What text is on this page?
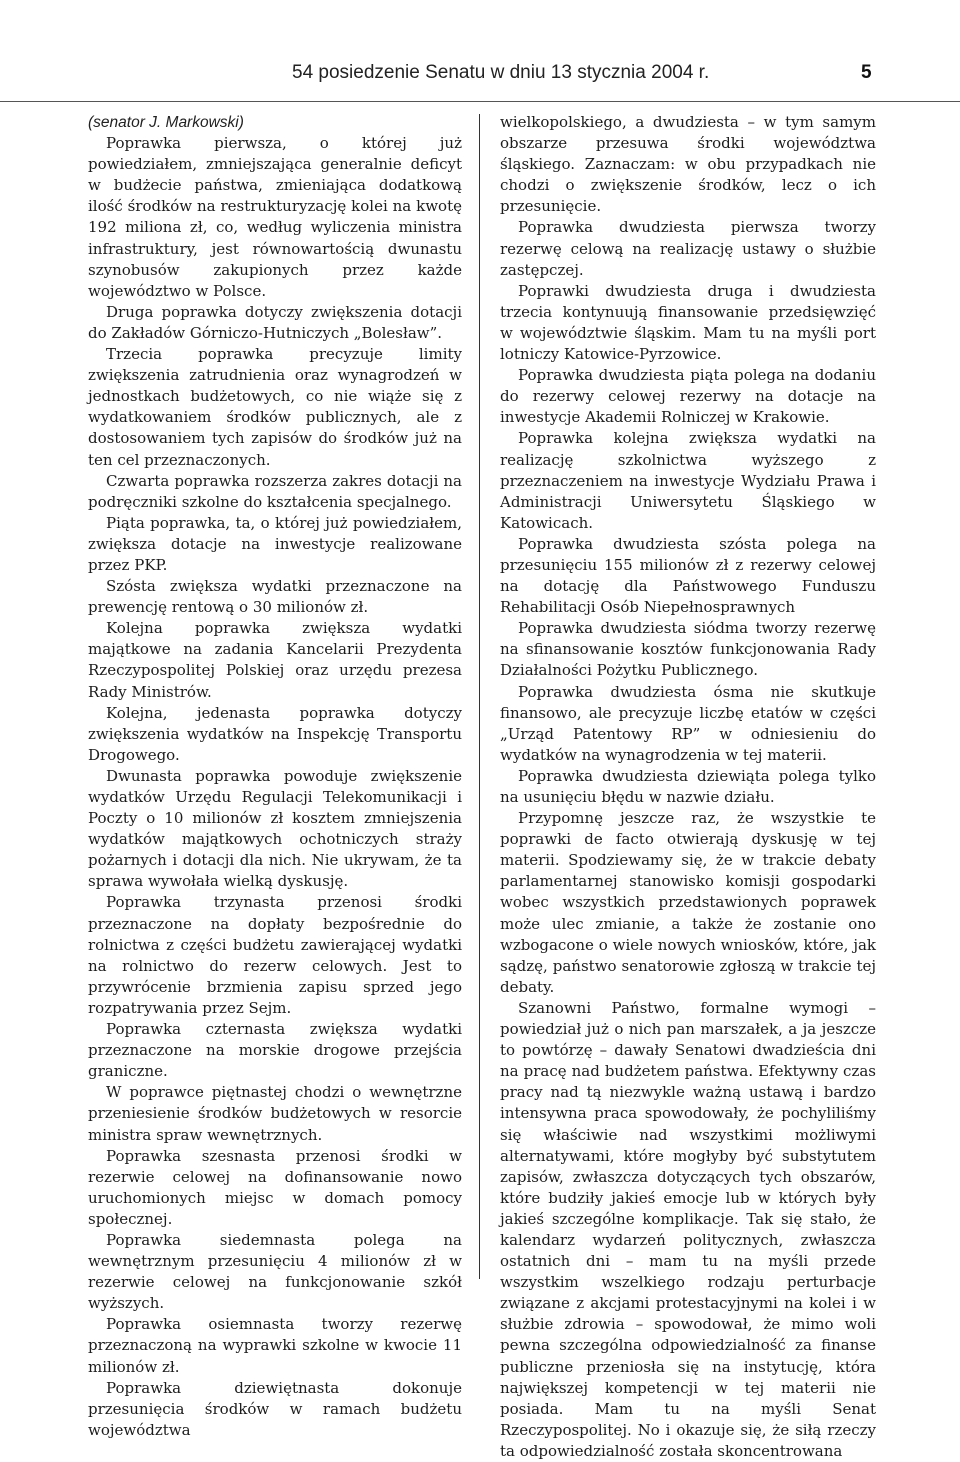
54 posiedzenie Senatu w dniu 13 stycznia 2004 r.	5

(senator J. Markowski)

Poprawka pierwsza, o której już powiedziałem, zmniejszająca generalnie deficyt w budżecie państwa, zmieniająca dodatkową ilość środków na restrukturyzację kolei na kwotę 192 miliona zł, co, według wyliczenia ministra infrastruktury, jest równowartością dwunastu szynobusów zakupionych przez każde województwo w Polsce.

Druga poprawka dotyczy zwiększenia dotacji do Zakładów Górniczo-Hutniczych „Bolesław”.

Trzecia poprawka precyzuje limity zwiększenia zatrudnienia oraz wynagrodzeń w jednostkach budżetowych, co nie wiąże się z wydatkowaniem środków publicznych, ale z dostosowaniem tych zapisów do środków już na ten cel przeznaczonych.

Czwarta poprawka rozszerza zakres dotacji na podręczniki szkolne do kształcenia specjalnego.

Piąta poprawka, ta, o której już powiedziałem, zwiększa dotacje na inwestycje realizowane przez PKP.

Szósta zwiększa wydatki przeznaczone na prewencję rentową o 30 milionów zł.

Kolejna poprawka zwiększa wydatki majątkowe na zadania Kancelarii Prezydenta Rzeczypospolitej Polskiej oraz urzędu prezesa Rady Ministrów.

Kolejna, jedenasta poprawka dotyczy zwiększenia wydatków na Inspekcję Transportu Drogowego.

Dwunasta poprawka powoduje zwiększenie wydatków Urzędu Regulacji Telekomunikacji i Poczty o 10 milionów zł kosztem zmniejszenia wydatków majątkowych ochotniczych straży pożarnych i dotacji dla nich. Nie ukrywam, że ta sprawa wywołała wielką dyskusję.

Poprawka trzynasta przenosi środki przeznaczone na dopłaty bezpośrednie do rolnictwa z części budżetu zawierającej wydatki na rolnictwo do rezerw celowych. Jest to przywrócenie brzmienia zapisu sprzed jego rozpatrywania przez Sejm.

Poprawka czternasta zwiększa wydatki przeznaczone na morskie drogowe przejścia graniczne.

W poprawce piętnastej chodzi o wewnętrzne przeniesienie środków budżetowych w resorcie ministra spraw wewnętrznych.

Poprawka szesnasta przenosi środki w rezerwie celowej na dofinansowanie nowo uruchomionych miejsc w domach pomocy społecznej.

Poprawka siedemnasta polega na wewnętrznym przesunięciu 4 milionów zł w rezerwie celowej na funkcjonowanie szkół wyższych.

Poprawka osiemnasta tworzy rezerwę przeznaczoną na wyprawki szkolne w kwocie 11 milionów zł.

Poprawka dziewiętnasta dokonuje przesunięcia środków w ramach budżetu województwa

wielkopolskiego, a dwudziesta – w tym samym obszarze przesuwa środki województwa śląskiego. Zaznaczam: w obu przypadkach nie chodzi o zwiększenie środków, lecz o ich przesunięcie.

Poprawka dwudziesta pierwsza tworzy rezerwę celową na realizację ustawy o służbie zastępczej.

Poprawki dwudziesta druga i dwudziesta trzecia kontynuują finansowanie przedsięwzięć w województwie śląskim. Mam tu na myśli port lotniczy Katowice-Pyrzowice.

Poprawka dwudziesta piąta polega na dodaniu do rezerwy celowej rezerwy na dotacje na inwestycje Akademii Rolniczej w Krakowie.

Poprawka kolejna zwiększa wydatki na realizację szkolnictwa wyższego z przeznaczeniem na inwestycje Wydziału Prawa i Administracji Uniwersytetu Śląskiego w Katowicach.

Poprawka dwudziesta szósta polega na przesunięciu 155 milionów zł z rezerwy celowej na dotację dla Państwowego Funduszu Rehabilitacji Osób Niepełnosprawnych

Poprawka dwudziesta siódma tworzy rezerwę na sfinansowanie kosztów funkcjonowania Rady Działalności Pożytku Publicznego.

Poprawka dwudziesta ósma nie skutkuje finansowo, ale precyzuje liczbę etatów w części „Urząd Patentowy RP” w odniesieniu do wydatków na wynagrodzenia w tej materii.

Poprawka dwudziesta dziewiąta polega tylko na usunięciu błędu w nazwie działu.

Przypomnę jeszcze raz, że wszystkie te poprawki de facto otwierają dyskusję w tej materii. Spodziewamy się, że w trakcie debaty parlamentarnej stanowisko komisji gospodarki wobec wszystkich przedstawionych poprawek może ulec zmianie, a także że zostanie ono wzbogacone o wiele nowych wniosków, które, jak sądzę, państwo senatorowie zgłoszą w trakcie tej debaty.

Szanowni Państwo, formalne wymogi – powiedział już o nich pan marszałek, a ja jeszcze to powtórzę – dawały Senatowi dwadzieścia dni na pracę nad budżetem państwa. Efektywny czas pracy nad tą niezwykle ważną ustawą i bardzo intensywna praca spowodowały, że pochyliliśmy się właściwie nad wszystkimi możliwymi alternatywami, które mogłyby być substytutem zapisów, zwłaszcza dotyczących tych obszarów, które budziły jakieś emocje lub w których były jakieś szczególne komplikacje. Tak się stało, że kalendarz wydarzeń politycznych, zwłaszcza ostatnich dni – mam tu na myśli przede wszystkim wszelkiego rodzaju perturbacje związane z akcjami protestacyjnymi na kolei i w służbie zdrowia – spowodował, że mimo woli pewna szczególna odpowiedzialność za finanse publiczne przeniosła się na instytucję, która największej kompetencji w tej materii nie posiada. Mam tu na myśli Senat Rzeczypospolitej. No i okazuje się, że siłą rzeczy ta odpowiedzialność została skoncentrowana
